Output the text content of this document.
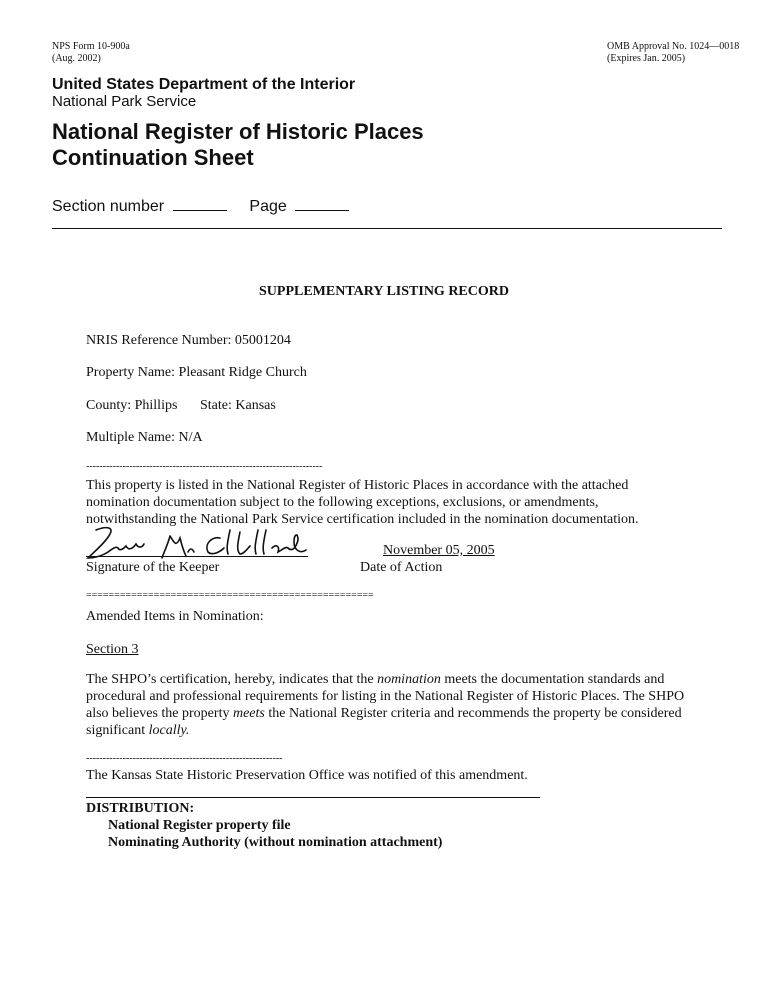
NPS Form 10-900a
(Aug. 2002)
OMB Approval No. 1024—0018
(Expires Jan. 2005)
United States Department of the Interior
National Park Service
National Register of Historic Places
Continuation Sheet
Section number	Page
SUPPLEMENTARY LISTING RECORD
NRIS Reference Number: 05001204
Property Name: Pleasant Ridge Church
County: Phillips State: Kansas
Multiple Name: N/A
-----------------------------------------------------------------------
This property is listed in the National Register of Historic Places in accordance with the attached
nomination documentation subject to the following exceptions, exclusions, or amendments,
notwithstanding the National Park Service certification included in the nomination documentation.
Signature of the Keeper
November 05, 2005
Date of Action
===================================================
Amended Items in Nomination:
Section 3
The SHPO’s certification, hereby, indicates that the nomination meets the documentation standards and procedural and professional requirements for listing in the National Register of Historic Places. The SHPO also believes the property meets the National Register criteria and recommends the property be considered significant locally.
-----------------------------------------------------------
The Kansas State Historic Preservation Office was notified of this amendment.
DISTRIBUTION:
National Register property file
Nominating Authority (without nomination attachment)
